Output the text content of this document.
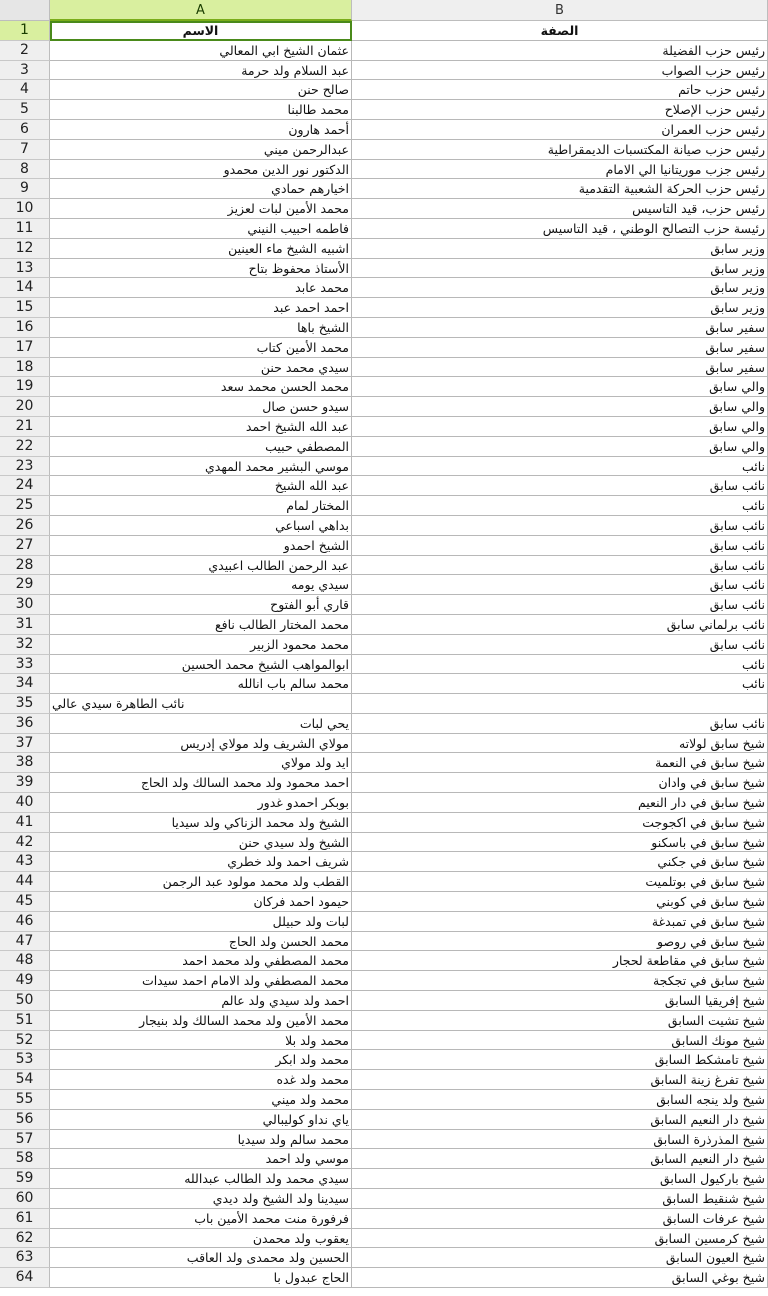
A	B
1	الاسم	الصفة
2	عثمان الشيخ ابي المعالي	رئيس حزب الفضيلة
3	عبد السلام ولد حرمة	رئيس حزب الصواب
4	صالح حنن	رئيس حزب حاتم
5	محمد طالبنا	رئيس حزب الإصلاح
6	أحمد هارون	رئيس حزب العمران
7	عبدالرحمن ميني	رئيس حزب صيانة المكتسبات الديمقراطية
8	الدكتور نور الدين محمدو	رئيس جزب موريتانيا الي الامام
9	اخيارهم حمادي	رئيس حزب الحركة الشعبية التقدمية
10	محمد الأمين لبات لعزيز	رئيس حزب، قيد التاسيس
11	فاطمه احبيب النيني	رئيسة حزب التصالح الوطني ، قيد التاسيس
12	اشبيه الشيخ ماء العينين	وزير سابق
13	الأستاذ محفوظ بتاح	وزير سابق
14	محمد عابد	وزير سابق
15	احمد احمد عبد	وزير سابق
16	الشيخ باها	سفير سابق
17	محمد الأمين كتاب	سفير سابق
18	سيدي محمد حنن	سفير سابق
19	محمد الحسن محمد سعد	والي سابق
20	سيدو حسن صال	والي سابق
21	عبد الله الشيخ احمد	والي سابق
22	المصطفي حبيب	والي سابق
23	موسي البشير محمد المهدي	نائب
24	عبد الله الشيخ	نائب سابق
25	المختار لمام	نائب
26	بداهي اسباعي	نائب سابق
27	الشيخ احمدو	نائب سابق
28	عبد الرحمن الطالب اعبيدي	نائب سابق
29	سيدي يومه	نائب سابق
30	قاري أبو الفتوح	نائب سابق
31	محمد المختار الطالب نافع	نائب برلماني سابق
32	محمد محمود الزبير	نائب سابق
33	ابوالمواهب الشيخ محمد الحسين	نائب
34	محمد سالم باب انالله	نائب
35	نائب الطاهرة سيدي عالي
36	يحي لبات	نائب سابق
37	مولاي الشريف ولد مولاي إدريس	شيخ سابق لولاته
38	ايد ولد مولاي	شيخ سابق في النعمة
39	احمد محمود ولد محمد السالك ولد الحاج	شيخ سابق في وادان
40	بوبكر احمدو غدور	شيخ سابق في دار النعيم
41	الشيخ ولد محمد الزناكي ولد سيديا	شيخ سابق في اكجوجت
42	الشيخ ولد سيدي حنن	شيخ سابق في باسكنو
43	شريف احمد ولد خطري	شيخ سابق في جكني
44	القطب ولد محمد مولود عبد الرجمن	شيخ سابق في بوتلميت
45	حيمود احمد فركان	شيخ سابق في كوبني
46	لبات ولد حبيلل	شيخ سابق في تمبدغة
47	محمد الحسن ولد الحاج	شيخ سابق في روصو
48	محمد المصطفي ولد محمد احمد	شيخ سابق في مقاطعة لحجار
49	محمد المصطفي ولد الامام احمد سيدات	شيخ سابق في تجكجة
50	احمد ولد سيدي ولد عالم	شيخ إفريقيا السابق
51	محمد الأمين ولد محمد السالك ولد بنيجار	شيخ تشيت السابق
52	محمد ولد بلا	شيخ مونك السابق
53	محمد ولد ابكر	شيخ تامشكط السابق
54	محمد ولد غده	شيخ تفرغ زينة السابق
55	محمد ولد ميني	شيخ ولد ينجه السابق
56	ياي نداو كوليبالي	شيخ دار النعيم السابق
57	محمد سالم ولد سيديا	شيخ المذرذرة السابق
58	موسي ولد احمد	شيخ دار النعيم السابق
59	سيدي محمد ولد الطالب عبدالله	شيخ باركيول السابق
60	سيدينا ولد الشيخ ولد ديدي	شيخ شنقيط السابق
61	فرفورة منت محمد الأمين باب	شيخ عرفات السابق
62	يعقوب ولد محمدن	شيخ كرمسين السابق
63	الحسين ولد محمدى ولد العاقب	شيخ العيون السابق
64	الحاج عبدول با	شيخ بوغي السابق
